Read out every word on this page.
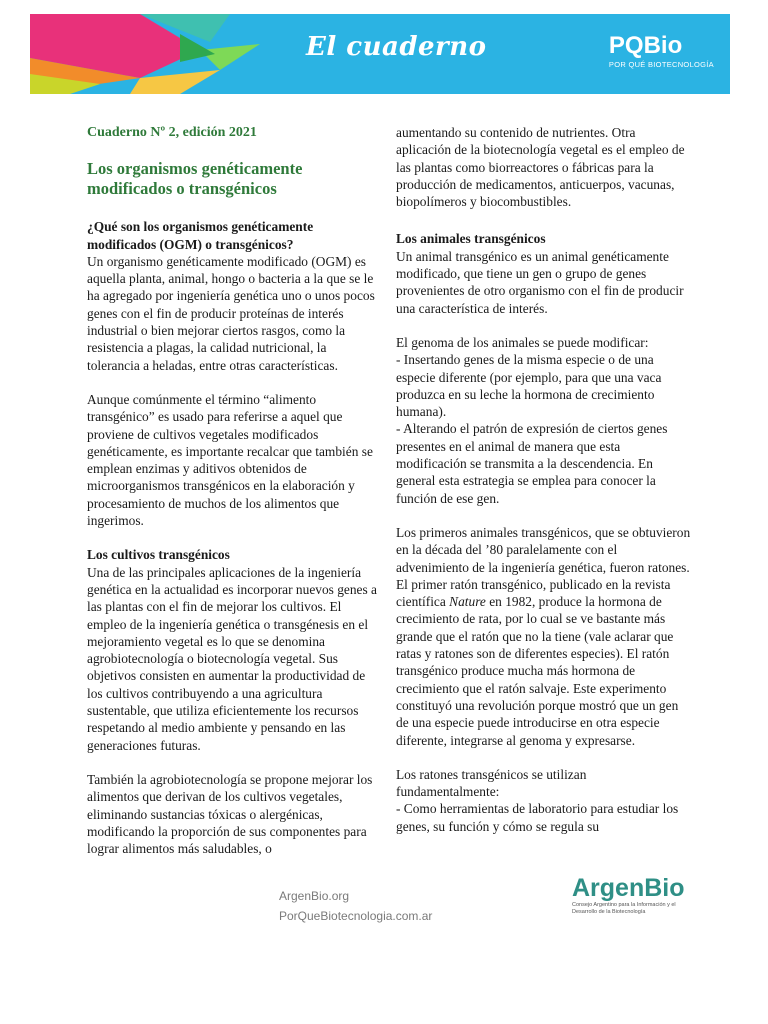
El cuaderno	PQBio
POR QUÉ BIOTECNOLOGÍA

Cuaderno Nº 2, edición 2021

Los organismos genéticamente modificados o transgénicos

¿Qué son los organismos genéticamente modificados (OGM) o transgénicos?

Un organismo genéticamente modificado (OGM) es aquella planta, animal, hongo o bacteria a la que se le ha agregado por ingeniería genética uno o unos pocos genes con el fin de producir proteínas de interés industrial o bien mejorar ciertos rasgos, como la resistencia a plagas, la calidad nutricional, la tolerancia a heladas, entre otras características.

Aunque comúnmente el término “alimento transgénico” es usado para referirse a aquel que proviene de cultivos vegetales modificados genéticamente, es importante recalcar que también se emplean enzimas y aditivos obtenidos de microorganismos transgénicos en la elaboración y procesamiento de muchos de los alimentos que ingerimos.

Los cultivos transgénicos

Una de las principales aplicaciones de la ingeniería genética en la actualidad es incorporar nuevos genes a las plantas con el fin de mejorar los cultivos. El empleo de la ingeniería genética o transgénesis en el mejoramiento vegetal es lo que se denomina agrobiotecnología o biotecnología vegetal. Sus objetivos consisten en aumentar la productividad de los cultivos contribuyendo a una agricultura sustentable, que utiliza eficientemente los recursos respetando al medio ambiente y pensando en las generaciones futuras.

También la agrobiotecnología se propone mejorar los alimentos que derivan de los cultivos vegetales, eliminando sustancias tóxicas o alergénicas, modificando la proporción de sus componentes para lograr alimentos más saludables, o

aumentando su contenido de nutrientes. Otra aplicación de la biotecnología vegetal es el empleo de las plantas como biorreactores o fábricas para la producción de medicamentos, anticuerpos, vacunas, biopolímeros y biocombustibles.

Los animales transgénicos

Un animal transgénico es un animal genéticamente modificado, que tiene un gen o grupo de genes provenientes de otro organismo con el fin de producir una característica de interés.

El genoma de los animales se puede modificar:

- Insertando genes de la misma especie o de una especie diferente (por ejemplo, para que una vaca produzca en su leche la hormona de crecimiento humana).

- Alterando el patrón de expresión de ciertos genes presentes en el animal de manera que esta modificación se transmita a la descendencia. En general esta estrategia se emplea para conocer la función de ese gen.

Los primeros animales transgénicos, que se obtuvieron en la década del ’80 paralelamente con el advenimiento de la ingeniería genética, fueron ratones. El primer ratón transgénico, publicado en la revista científica Nature en 1982, produce la hormona de crecimiento de rata, por lo cual se ve bastante más grande que el ratón que no la tiene (vale aclarar que ratas y ratones son de diferentes especies). El ratón transgénico produce mucha más hormona de crecimiento que el ratón salvaje. Este experimento constituyó una revolución porque mostró que un gen de una especie puede introducirse en otra especie diferente, integrarse al genoma y expresarse.

Los ratones transgénicos se utilizan fundamentalmente:

- Como herramientas de laboratorio para estudiar los genes, su función y cómo se regula su

ArgenBio.org
PorQueBiotecnologia.com.ar
ArgenBio
Consejo Argentino para la Información y el Desarrollo de la Biotecnología
